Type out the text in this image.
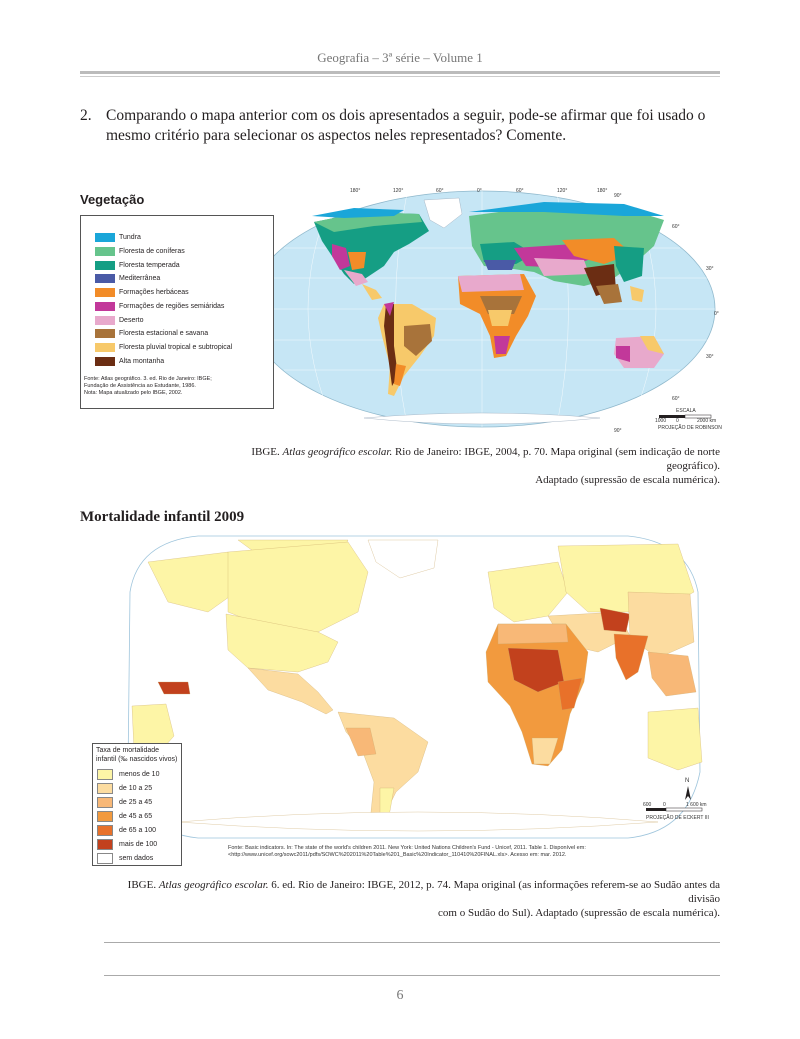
Geografia – 3ª série – Volume 1
2. Comparando o mapa anterior com os dois apresentados a seguir, pode-se afirmar que foi usado o mesmo critério para selecionar os aspectos neles representados? Comente.
Vegetação
180°	120°	60°	0°	60°	120°	180°
90°
60°
30°
0°
30°
60°
90°
ESCALA
1000 0	2000 km
PROJEÇÃO DE ROBINSON
Tundra
Floresta de coníferas
Floresta temperada
Mediterrânea
Formações herbáceas
Formações de regiões semiáridas
Deserto
Floresta estacional e savana
Floresta pluvial tropical e subtropical
Alta montanha
Fonte: Atlas geográfico. 3. ed. Rio de Janeiro: IBGE;
Fundação de Assistência ao Estudante, 1986.
Nota: Mapa atualizado pelo IBGE, 2002.
IBGE. Atlas geográfico escolar. Rio de Janeiro: IBGE, 2004, p. 70. Mapa original (sem indicação de norte geográfico).
Adaptado (supressão de escala numérica).
Mortalidade infantil 2009
N
600 0	1 600 km
PROJEÇÃO DE ECKERT III
Taxa de mortalidade infantil (‰ nascidos vivos)
menos de 10
de 10 a 25
de 25 a 45
de 45 a 65
de 65 a 100
mais de 100
sem dados
Fonte: Basic indicators. In: The state of the world's children 2011. New York: United Nations Children's Fund - Unicef, 2011. Table 1. Disponível em:
<http://www.unicef.org/sowc2011/pdfs/SOWC%202011%20Table%201_Basic%20Indicator_110410%20FINAL.xls>. Acesso em: mar. 2012.
IBGE. Atlas geográfico escolar. 6. ed. Rio de Janeiro: IBGE, 2012, p. 74. Mapa original (as informações referem-se ao Sudão antes da divisão
com o Sudão do Sul). Adaptado (supressão de escala numérica).
6
